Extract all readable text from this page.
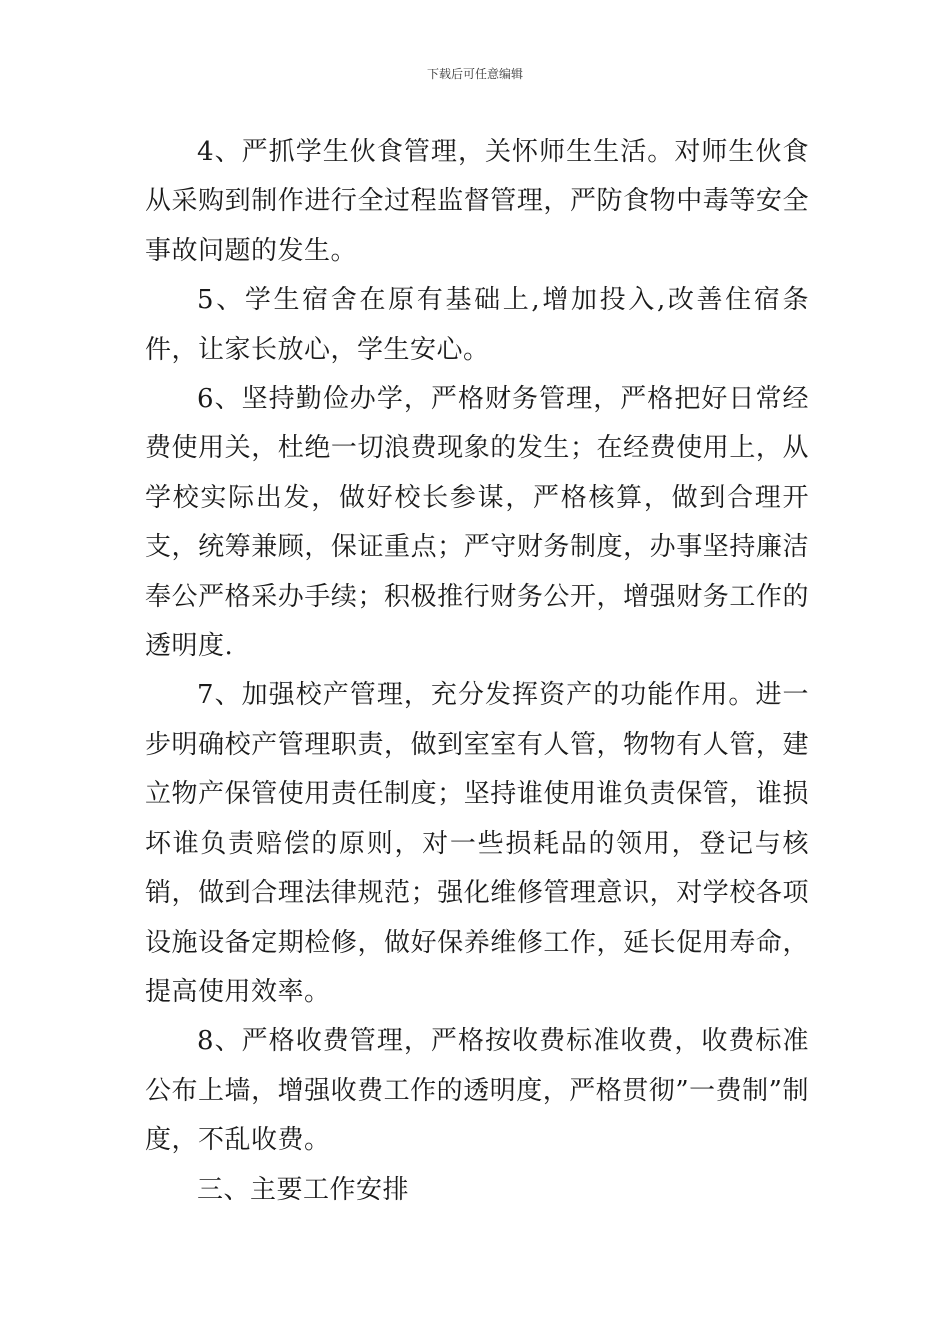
下载后可任意编辑

4、严抓学生伙食管理，关怀师生生活。对师生伙食从采购到制作进行全过程监督管理，严防食物中毒等安全事故问题的发生。

5、学生宿舍在原有基础上,增加投入,改善住宿条件，让家长放心，学生安心。

6、坚持勤俭办学，严格财务管理，严格把好日常经费使用关，杜绝一切浪费现象的发生；在经费使用上，从学校实际出发，做好校长参谋，严格核算，做到合理开支，统筹兼顾，保证重点；严守财务制度，办事坚持廉洁奉公严格采办手续；积极推行财务公开，增强财务工作的透明度.

7、加强校产管理，充分发挥资产的功能作用。进一步明确校产管理职责，做到室室有人管，物物有人管，建立物产保管使用责任制度；坚持谁使用谁负责保管，谁损坏谁负责赔偿的原则，对一些损耗品的领用，登记与核销，做到合理法律规范；强化维修管理意识，对学校各项设施设备定期检修，做好保养维修工作，延长促用寿命，提高使用效率。

8、严格收费管理，严格按收费标准收费，收费标准公布上墙，增强收费工作的透明度，严格贯彻”一费制”制度，不乱收费。

三、主要工作安排
